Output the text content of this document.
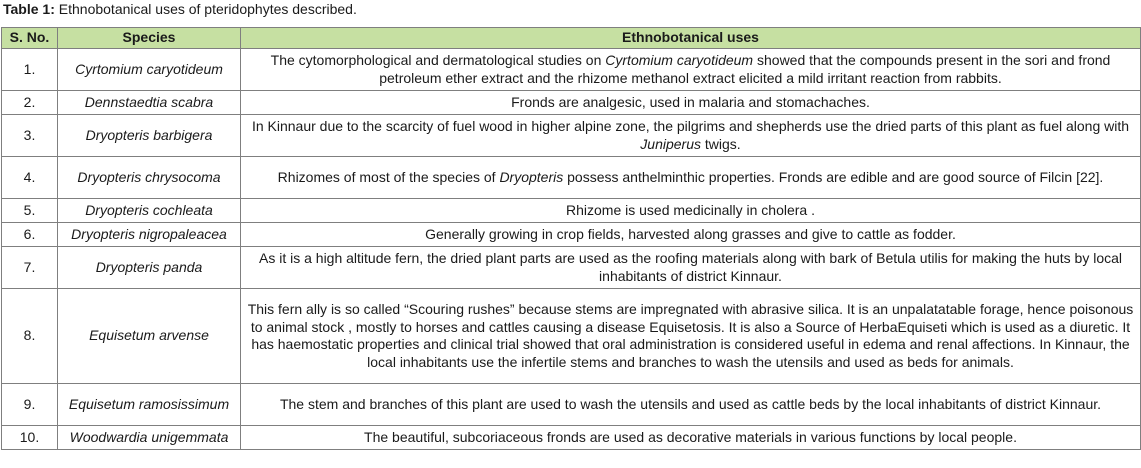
Table 1: Ethnobotanical uses of pteridophytes described.
S. No.	Species	Ethnobotanical uses
1.	Cyrtomium caryotideum	The cytomorphological and dermatological studies on Cyrtomium caryotideum showed that the compounds present in the sori and frond petroleum ether extract and the rhizome methanol extract elicited a mild irritant reaction from rabbits.
2.	Dennstaedtia scabra	Fronds are analgesic, used in malaria and stomachaches.
3.	Dryopteris barbigera	In Kinnaur due to the scarcity of fuel wood in higher alpine zone, the pilgrims and shepherds use the dried parts of this plant as fuel along with Juniperus twigs.
4.	Dryopteris chrysocoma	Rhizomes of most of the species of Dryopteris possess anthelminthic properties. Fronds are edible and are good source of Filcin [22].
5.	Dryopteris cochleata	Rhizome is used medicinally in cholera .
6.	Dryopteris nigropaleacea	Generally growing in crop fields, harvested along grasses and give to cattle as fodder.
7.	Dryopteris panda	As it is a high altitude fern, the dried plant parts are used as the roofing materials along with bark of Betula utilis for making the huts by local inhabitants of district Kinnaur.
8.	Equisetum arvense	This fern ally is so called “Scouring rushes” because stems are impregnated with abrasive silica. It is an unpalatatable forage, hence poisonous to animal stock , mostly to horses and cattles causing a disease Equisetosis. It is also a Source of HerbaEquiseti which is used as a diuretic. It has haemostatic properties and clinical trial showed that oral administration is considered useful in edema and renal affections. In Kinnaur, the local inhabitants use the infertile stems and branches to wash the utensils and used as beds for animals.
9.	Equisetum ramosissimum	The stem and branches of this plant are used to wash the utensils and used as cattle beds by the local inhabitants of district Kinnaur.
10.	Woodwardia unigemmata	The beautiful, subcoriaceous fronds are used as decorative materials in various functions by local people.
